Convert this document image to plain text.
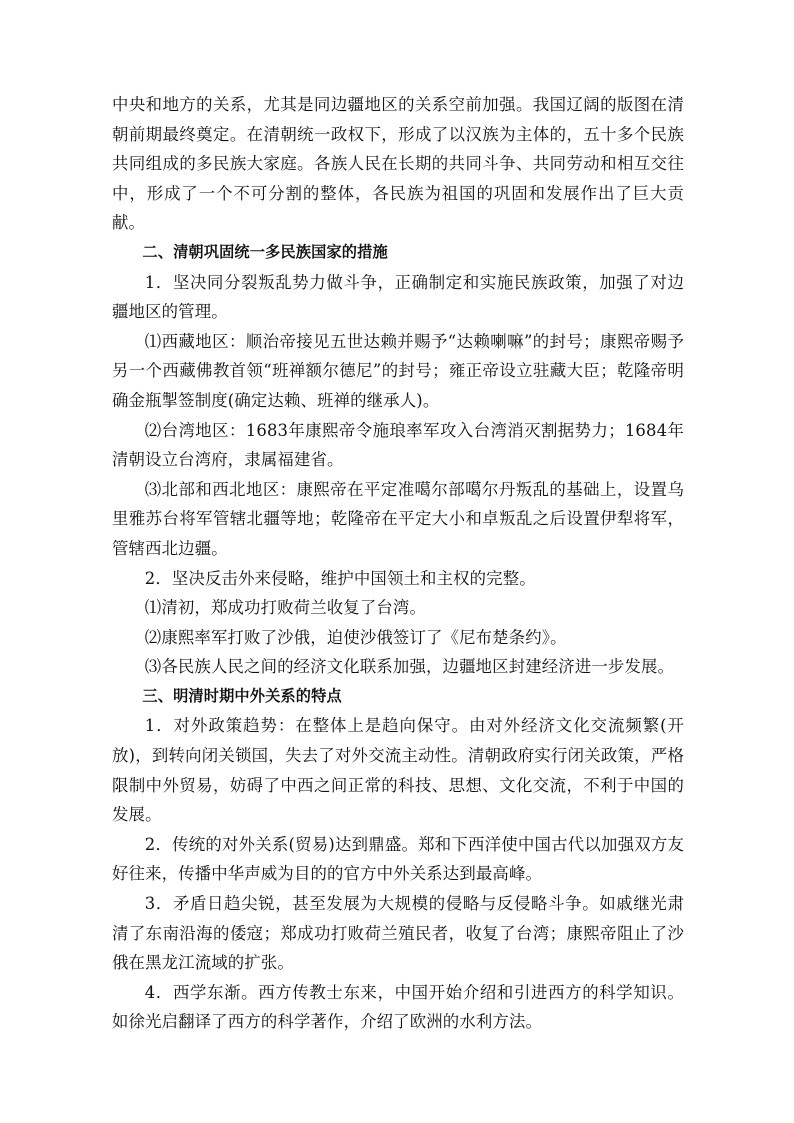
中央和地方的关系，尤其是同边疆地区的关系空前加强。我国辽阔的版图在清朝前期最终奠定。在清朝统一政权下，形成了以汉族为主体的，五十多个民族共同组成的多民族大家庭。各族人民在长期的共同斗争、共同劳动和相互交往中，形成了一个不可分割的整体，各民族为祖国的巩固和发展作出了巨大贡献。

二、清朝巩固统一多民族国家的措施

1．坚决同分裂叛乱势力做斗争，正确制定和实施民族政策，加强了对边疆地区的管理。

⑴西藏地区：顺治帝接见五世达赖并赐予“达赖喇嘛”的封号；康熙帝赐予另一个西藏佛教首领“班禅额尔德尼”的封号；雍正帝设立驻藏大臣；乾隆帝明确金瓶掣签制度(确定达赖、班禅的继承人)。

⑵台湾地区：1683年康熙帝令施琅率军攻入台湾消灭割据势力；1684年清朝设立台湾府，隶属福建省。

⑶北部和西北地区：康熙帝在平定准噶尔部噶尔丹叛乱的基础上，设置乌里雅苏台将军管辖北疆等地；乾隆帝在平定大小和卓叛乱之后设置伊犁将军，管辖西北边疆。

2．坚决反击外来侵略，维护中国领土和主权的完整。

⑴清初，郑成功打败荷兰收复了台湾。

⑵康熙率军打败了沙俄，迫使沙俄签订了《尼布楚条约》。

⑶各民族人民之间的经济文化联系加强，边疆地区封建经济进一步发展。

三、明清时期中外关系的特点

1．对外政策趋势：在整体上是趋向保守。由对外经济文化交流频繁(开放)，到转向闭关锁国，失去了对外交流主动性。清朝政府实行闭关政策，严格限制中外贸易，妨碍了中西之间正常的科技、思想、文化交流，不利于中国的发展。

2．传统的对外关系(贸易)达到鼎盛。郑和下西洋使中国古代以加强双方友好往来，传播中华声威为目的的官方中外关系达到最高峰。

3．矛盾日趋尖锐，甚至发展为大规模的侵略与反侵略斗争。如戚继光肃清了东南沿海的倭寇；郑成功打败荷兰殖民者，收复了台湾；康熙帝阻止了沙俄在黑龙江流域的扩张。

4．西学东渐。西方传教士东来，中国开始介绍和引进西方的科学知识。如徐光启翻译了西方的科学著作，介绍了欧洲的水利方法。
